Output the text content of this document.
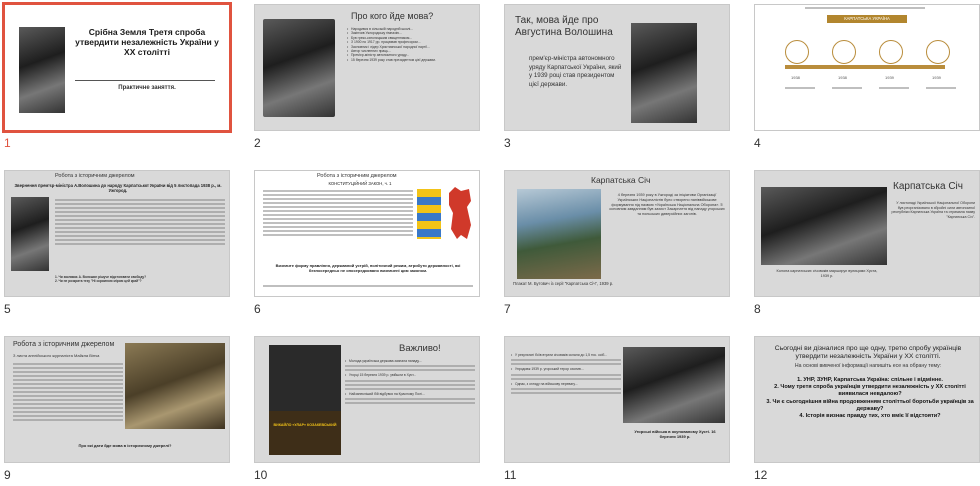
Срібна Земля Третя спроба утвердити незалежність України у ХХ столітті
Практичне заняття.
1
Про кого йде мова?
• Народився в сільській народній школі...
• Закінчив Ужгородську гімназію...
• Був греко-католицьким священником...
• З 1900 по 1917 рр. працював професором...
• Засновник і лідер Християнської народної партії...
• Автор численних праць...
• Прем'єр-міністр автономного уряду...
• 15 березня 1939 року став президентом цієї держави.
2
Так, мова йде про Августина Волошина
прем'єр-міністра автономного уряду Карпатської України, який у 1939 році став президентом цієї держави.
3
КАРПАТСЬКА УКРАЇНА
1938	1938	1939	1939
4
Робота з історичним джерелом
Звернення прем'єр-міністра А.Волошина до народу Карпатської України від 5 листопада 1938 р., м. Ужгород.
1. Чи закликає А. Волошин рішуче відстоювати свободу?
2. Чи не розкрита тезу ''Ні скромною мірою цей край''?
5
Робота з історичним джерелом
КОНСТИТУЦІЙНИЙ ЗАКОН, ч. 1
Визначте форму правління, державний устрій, політичний режим, атрибути державності, які безпосередньо не опосередковано визначені цим законом.
6
Карпатська Січ
Плакат М. Бутович із серії "Карпатська Січ", 1939 р.
4 березня 1939 року в Ужгороді за ініціативи Організації Українських Націоналістів було створено напіввійськове формування під назвою «Українська Національна Оборона». Її основним завданням був захист Закарпаття від нападу угорських та польських диверсійних загонів.
7
Карпатська Січ
Колона карпатських січовиків марширує вулицями Хуста, 1939 р.
У листопаді Української Національної Оборони був реорганізовано в збройні сили автономної республіки Карпатська Україна та отримала назву "Карпатська Січ".
8
Робота з історичним джерелом
З листа англійського журналіста Майкла Вінча
Про які дати йде мова в історичному джерелі?
9
ВИКАЙЛО «УЛАР» КОЗАКЕВСЬКИЙ
Важливо!
• Молода українська держава зазнала нападу...
• Угорці 15 березня 1939 р. увійшли в Хуст...
• Найзапекліший бій відбувся на Красному Полі...
10
• У результаті боїв втрати січовиків склали до 1,5 тис. осіб...
• Упродовж 1939 р. угорський терор охопив...
• Однак, з огляду на військову перевагу...
Угорські війська в окупованому Хусті. 16 березня 1939 р.
11
Сьогодні ви дізналися про ще одну, третю спробу українців утвердити незалежність України у ХХ столітті.
На основі вивченої інформації напишіть есе на обрану тему:
1. УНР, ЗУНР, Карпатська Україна: спільне і відмінне.
2. Чому третя спроба українців утвердити незалежність у ХХ столітті виявилася невдалою?
3. Чи є сьогоднішня війна продовженням століттьої боротьби українців за державу?
4. Історія визнає правду тих, хто вміє її відстояти?
12
